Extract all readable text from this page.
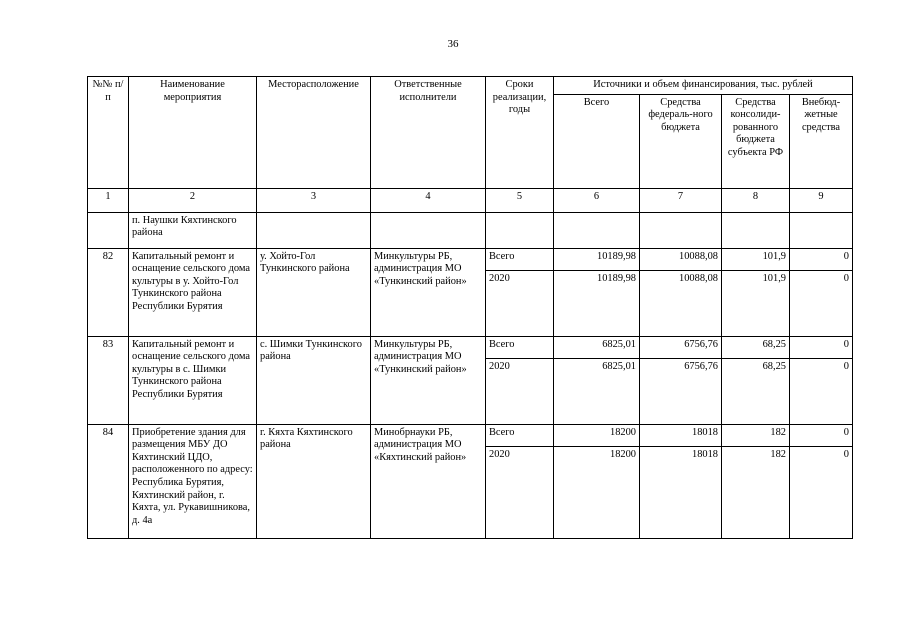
36
№№ п/п	Наименование мероприятия	Месторасположение	Ответственные исполнители	Сроки реализации, годы	Источники и объем финансирования, тыс. рублей			
					Всего	Средства федераль-ного бюджета	Средства консолиди-рованного бюджета субъекта РФ	Внебюд-жетные средства
1	2	3	4	5	6	7	8	9
	п. Наушки Кяхтинского района							
82	Капитальный ремонт и оснащение сельского дома культуры в у. Хойто-Гол Тункинского района Республики Бурятия	у. Хойто-Гол Тункинского района	Минкультуры РБ, администрация МО «Тункинский район»	Всего	10189,98	10088,08	101,9	0
				2020	10189,98	10088,08	101,9	0
83	Капитальный ремонт и оснащение сельского дома культуры в с. Шимки Тункинского района Республики Бурятия	с. Шимки Тункинского района	Минкультуры РБ, администрация МО «Тункинский район»	Всего	6825,01	6756,76	68,25	0
				2020	6825,01	6756,76	68,25	0
84	Приобретение здания для размещения МБУ ДО Кяхтинский ЦДО, расположенного по адресу: Республика Бурятия, Кяхтинский район, г. Кяхта, ул. Рукавишникова, д. 4а	г. Кяхта Кяхтинского района	Минобрнауки РБ, администрация МО «Кяхтинский район»	Всего	18200	18018	182	0
				2020	18200	18018	182	0
